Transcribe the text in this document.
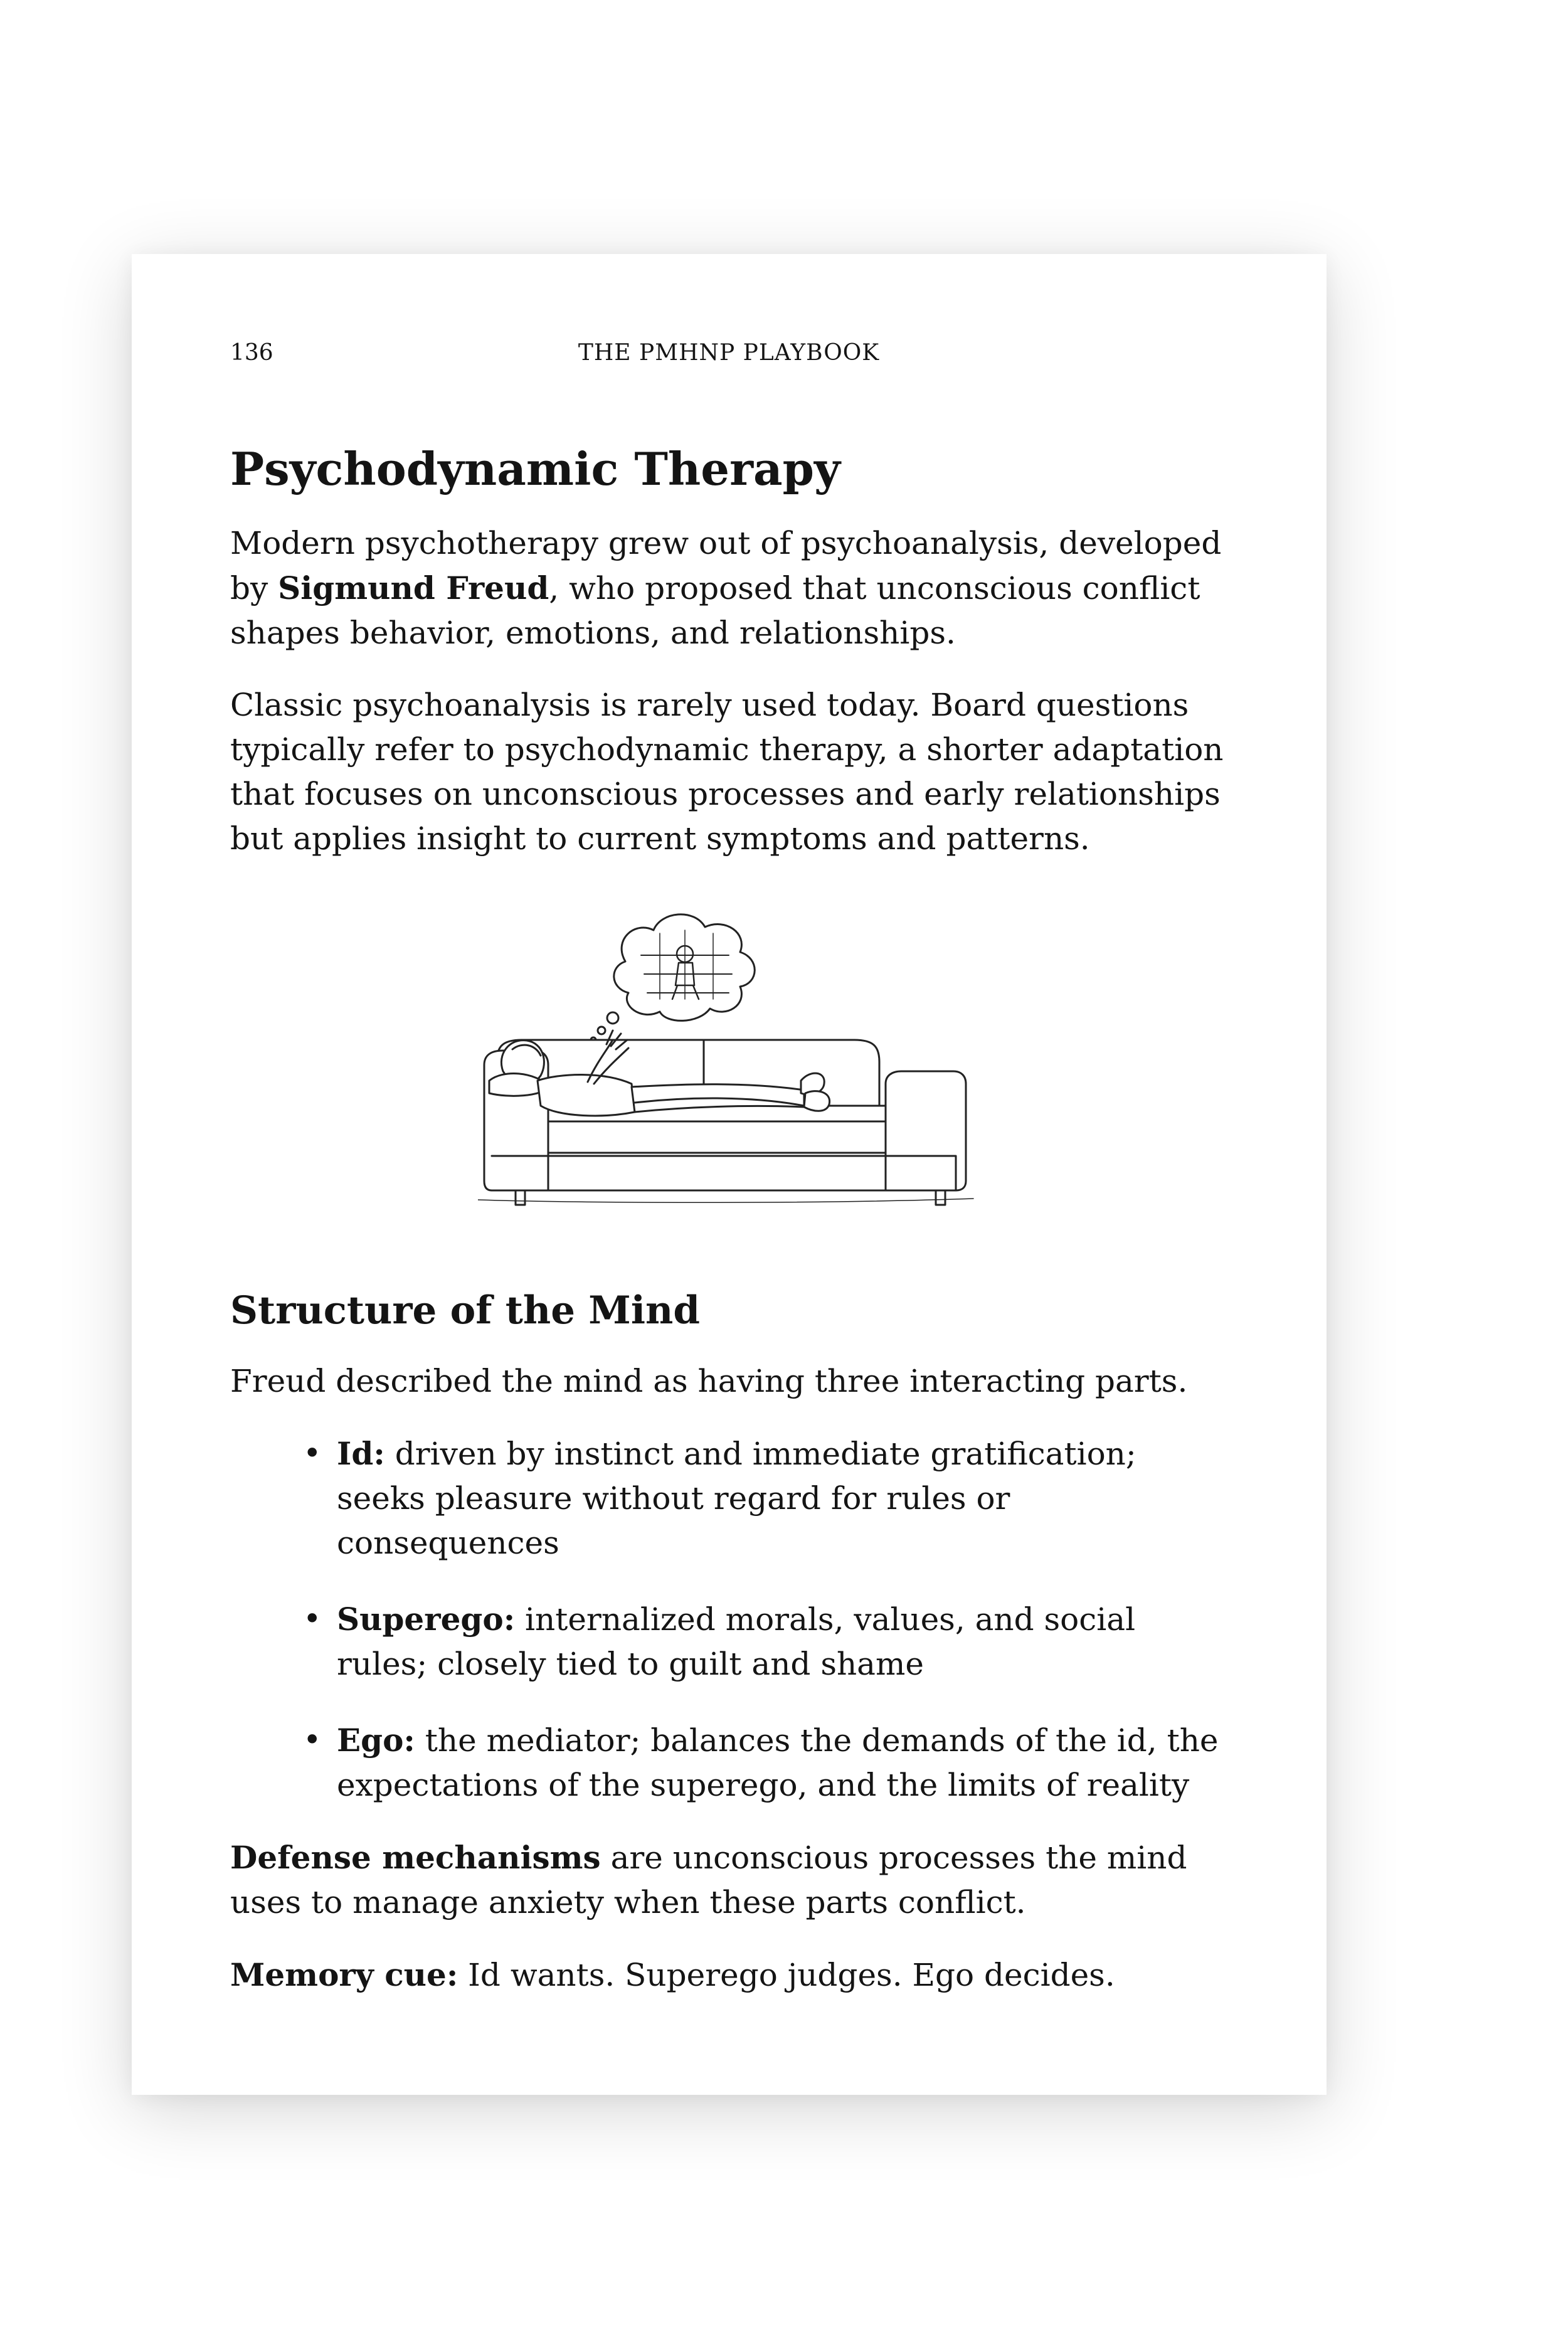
136	THE PMHNP PLAYBOOK
Psychodynamic Therapy

Modern psychotherapy grew out of psychoanalysis, developed by Sigmund Freud, who proposed that unconscious conflict shapes behavior, emotions, and relationships.

Classic psychoanalysis is rarely used today. Board questions typically refer to psychodynamic therapy, a shorter adaptation that focuses on unconscious processes and early relationships but applies insight to current symptoms and patterns.

Structure of the Mind

Freud described the mind as having three interacting parts.

• Id: driven by instinct and immediate gratification; seeks pleasure without regard for rules or consequences
• Superego: internalized morals, values, and social rules; closely tied to guilt and shame
• Ego: the mediator; balances the demands of the id, the expectations of the superego, and the limits of reality

Defense mechanisms are unconscious processes the mind uses to manage anxiety when these parts conflict.

Memory cue: Id wants. Superego judges. Ego decides.
